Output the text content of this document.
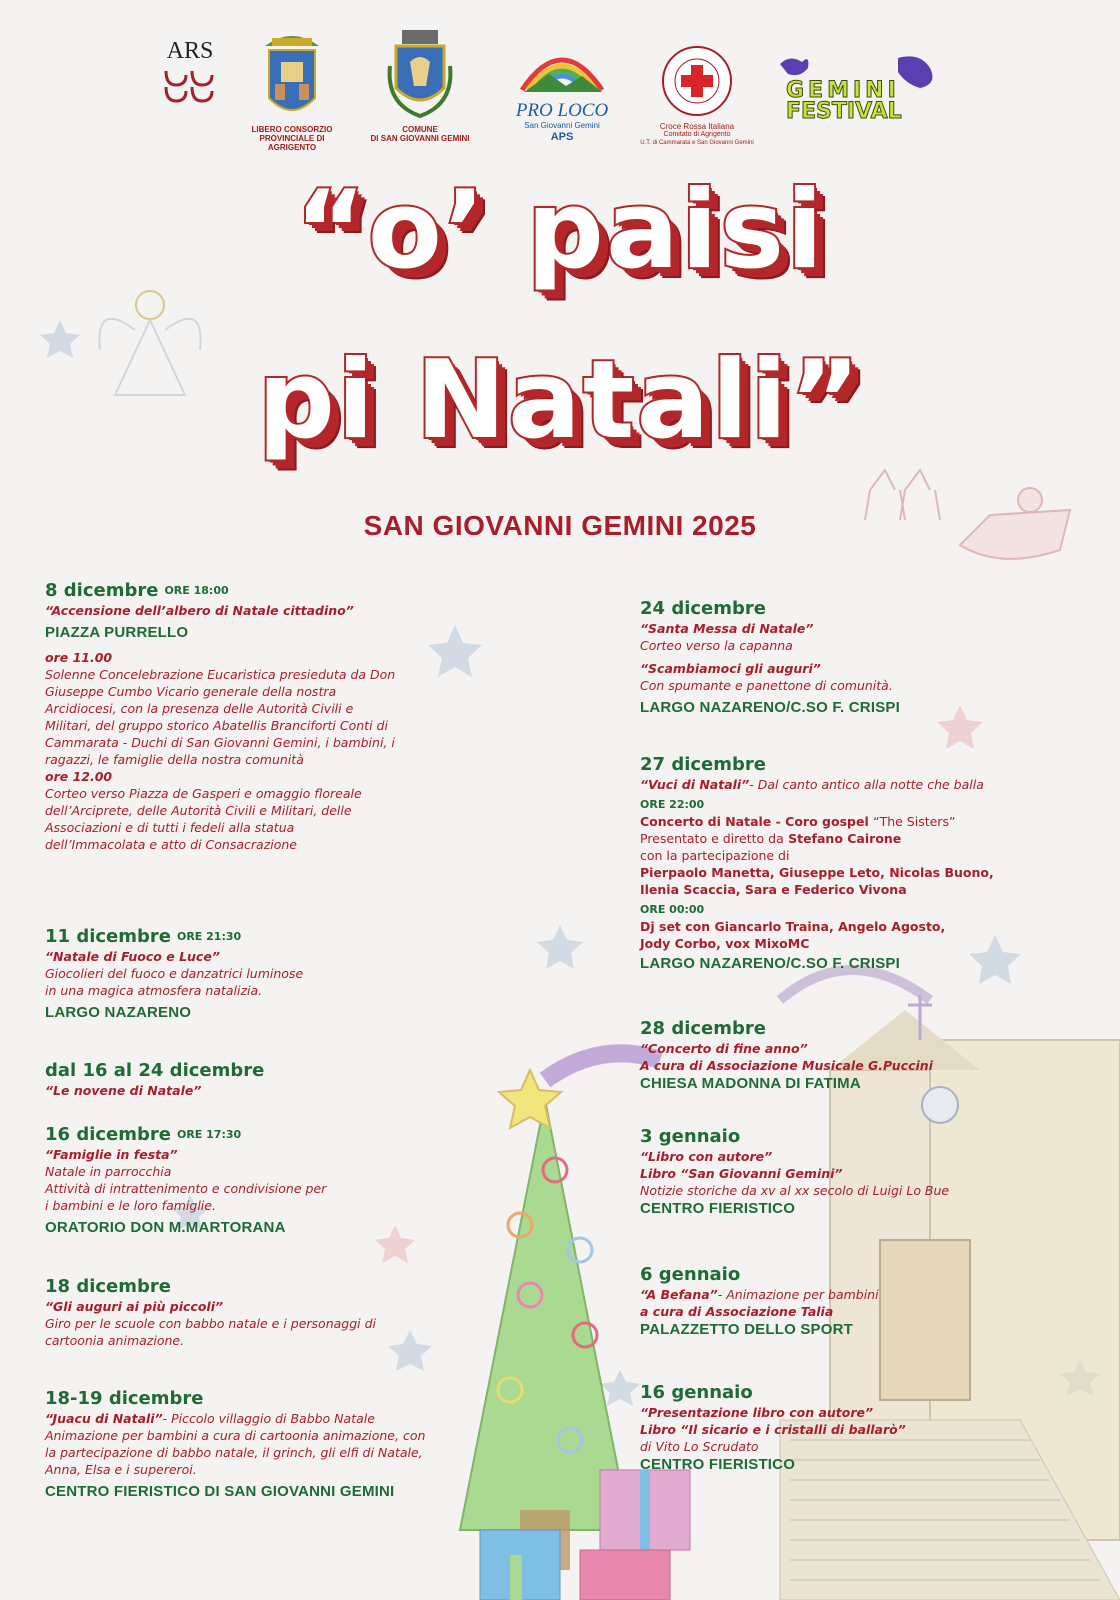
ARS
LIBERO CONSORZIO PROVINCIALE DI AGRIGENTO
COMUNE
DI SAN GIOVANNI GEMINI
PRO LOCO
San Giovanni Gemini
APS
Croce Rossa Italiana
Comitato di Agrigento
U.T. di Cammarata e San Giovanni Gemini
GEMINI
FESTIVAL
“o’ paisi
pi Natali”
SAN GIOVANNI GEMINI 2025
8 dicembre ORE 18:00
“Accensione dell’albero di Natale cittadino”
PIAZZA PURRELLO
ore 11.00
Solenne Concelebrazione Eucaristica presieduta da Don
Giuseppe Cumbo Vicario generale della nostra
Arcidiocesi, con la presenza delle Autorità Civili e
Militari, del gruppo storico Abatellis Branciforti Conti di
Cammarata - Duchi di San Giovanni Gemini, i bambini, i
ragazzi, le famiglie della nostra comunità
ore 12.00
Corteo verso Piazza de Gasperi e omaggio floreale
dell’Arciprete, delle Autorità Civili e Militari, delle
Associazioni e di tutti i fedeli alla statua
dell’Immacolata e atto di Consacrazione
11 dicembre ORE 21:30
“Natale di Fuoco e Luce”
Giocolieri del fuoco e danzatrici luminose
in una magica atmosfera natalizia.
LARGO NAZARENO
dal 16 al 24 dicembre
“Le novene di Natale”
16 dicembre ORE 17:30
“Famiglie in festa”
Natale in parrocchia
Attività di intrattenimento e condivisione per
i bambini e le loro famiglie.
ORATORIO DON M.MARTORANA
18 dicembre
“Gli auguri ai più piccoli”
Giro per le scuole con babbo natale e i personaggi di
cartoonia animazione.
18-19 dicembre
“Juacu di Natali”- Piccolo villaggio di Babbo Natale
Animazione per bambini a cura di cartoonia animazione, con
la partecipazione di babbo natale, il grinch, gli elfi di Natale,
Anna, Elsa e i supereroi.
CENTRO FIERISTICO DI SAN GIOVANNI GEMINI
24 dicembre
“Santa Messa di Natale”
Corteo verso la capanna
“Scambiamoci gli auguri”
Con spumante e panettone di comunità.
LARGO NAZARENO/C.SO F. CRISPI
27 dicembre
“Vuci di Natali”- Dal canto antico alla notte che balla
ORE 22:00
Concerto di Natale - Coro gospel “The Sisters”
Presentato e diretto da Stefano Cairone
con la partecipazione di
Pierpaolo Manetta, Giuseppe Leto, Nicolas Buono,
Ilenia Scaccia, Sara e Federico Vivona
ORE 00:00
Dj set con Giancarlo Traina, Angelo Agosto,
Jody Corbo, vox MixoMC
LARGO NAZARENO/C.SO F. CRISPI
28 dicembre
“Concerto di fine anno”
A cura di Associazione Musicale G.Puccini
CHIESA MADONNA DI FATIMA
3 gennaio
“Libro con autore”
Libro “San Giovanni Gemini”
Notizie storiche da xv al xx secolo di Luigi Lo Bue
CENTRO FIERISTICO
6 gennaio
“A Befana”- Animazione per bambini
a cura di Associazione Talia
PALAZZETTO DELLO SPORT
16 gennaio
“Presentazione libro con autore”
Libro “Il sicario e i cristalli di ballarò”
di Vito Lo Scrudato
CENTRO FIERISTICO
